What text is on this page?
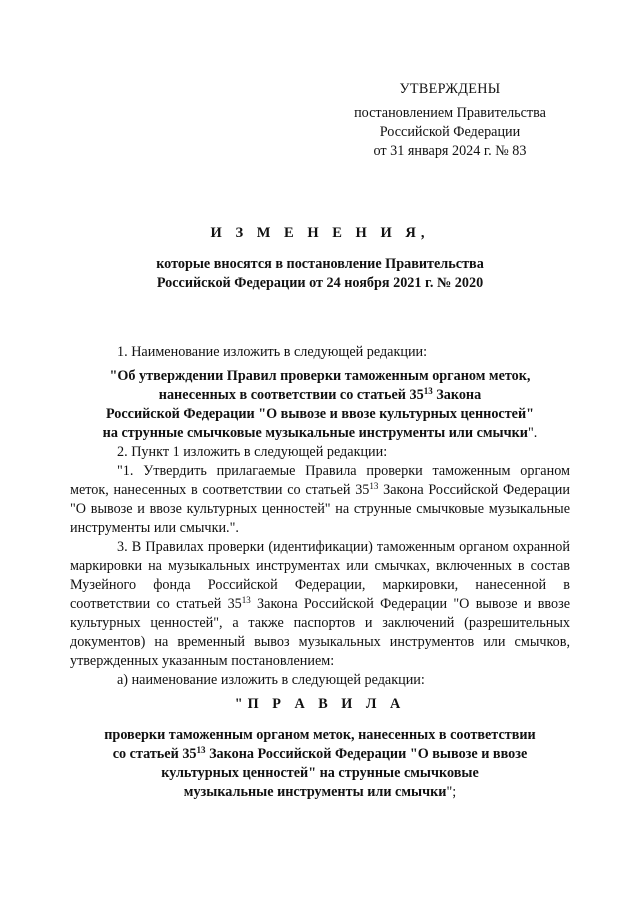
УТВЕРЖДЕНЫ
постановлением Правительства
Российской Федерации
от 31 января 2024 г. № 83
И З М Е Н Е Н И Я,
которые вносятся в постановление Правительства
Российской Федерации от 24 ноября 2021 г. № 2020

1. Наименование изложить в следующей редакции:

"Об утверждении Правил проверки таможенным органом меток,
нанесенных в соответствии со статьей $35^{13}$ Закона
Российской Федерации "О вывозе и ввозе культурных ценностей"
на струнные смычковые музыкальные инструменты или смычки".

2. Пункт 1 изложить в следующей редакции:

"1. Утвердить прилагаемые Правила проверки таможенным органом меток, нанесенных в соответствии со статьей $35^{13}$ Закона Российской Федерации "О вывозе и ввозе культурных ценностей" на струнные смычковые музыкальные инструменты или смычки.".

3. В Правилах проверки (идентификации) таможенным органом охранной маркировки на музыкальных инструментах или смычках, включенных в состав Музейного фонда Российской Федерации, маркировки, нанесенной в соответствии со статьей $35^{13}$ Закона Российской Федерации "О вывозе и ввозе культурных ценностей", а также паспортов и заключений (разрешительных документов) на временный вывоз музыкальных инструментов или смычков, утвержденных указанным постановлением:

а) наименование изложить в следующей редакции:

"П Р А В И Л А
проверки таможенным органом меток, нанесенных в соответствии
со статьей $35^{13}$ Закона Российской Федерации "О вывозе и ввозе
культурных ценностей" на струнные смычковые
музыкальные инструменты или смычки";
